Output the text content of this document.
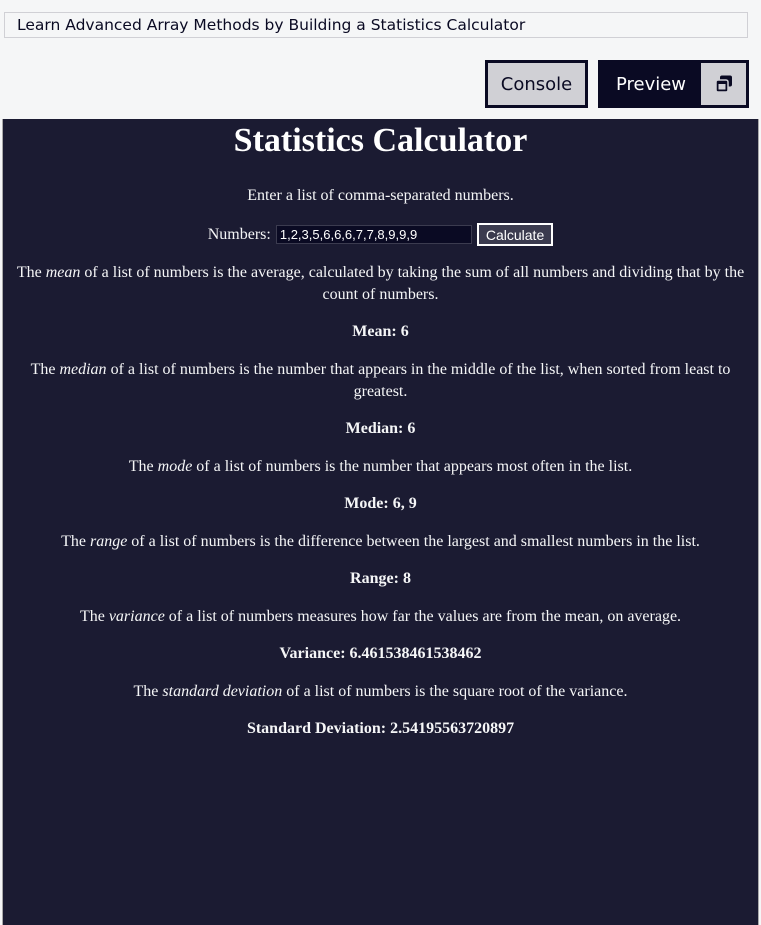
Learn Advanced Array Methods by Building a Statistics Calculator
Console	Preview
Statistics Calculator

Enter a list of comma-separated numbers.

Numbers:
1,2,3,5,6,6,6,7,7,8,9,9,9	Calculate

The mean of a list of numbers is the average, calculated by taking the sum of all numbers and dividing that by the count of numbers.

Mean: 6

The median of a list of numbers is the number that appears in the middle of the list, when sorted from least to greatest.

Median: 6

The mode of a list of numbers is the number that appears most often in the list.

Mode: 6, 9

The range of a list of numbers is the difference between the largest and smallest numbers in the list.

Range: 8

The variance of a list of numbers measures how far the values are from the mean, on average.

Variance: 6.461538461538462

The standard deviation of a list of numbers is the square root of the variance.

Standard Deviation: 2.54195563720897
